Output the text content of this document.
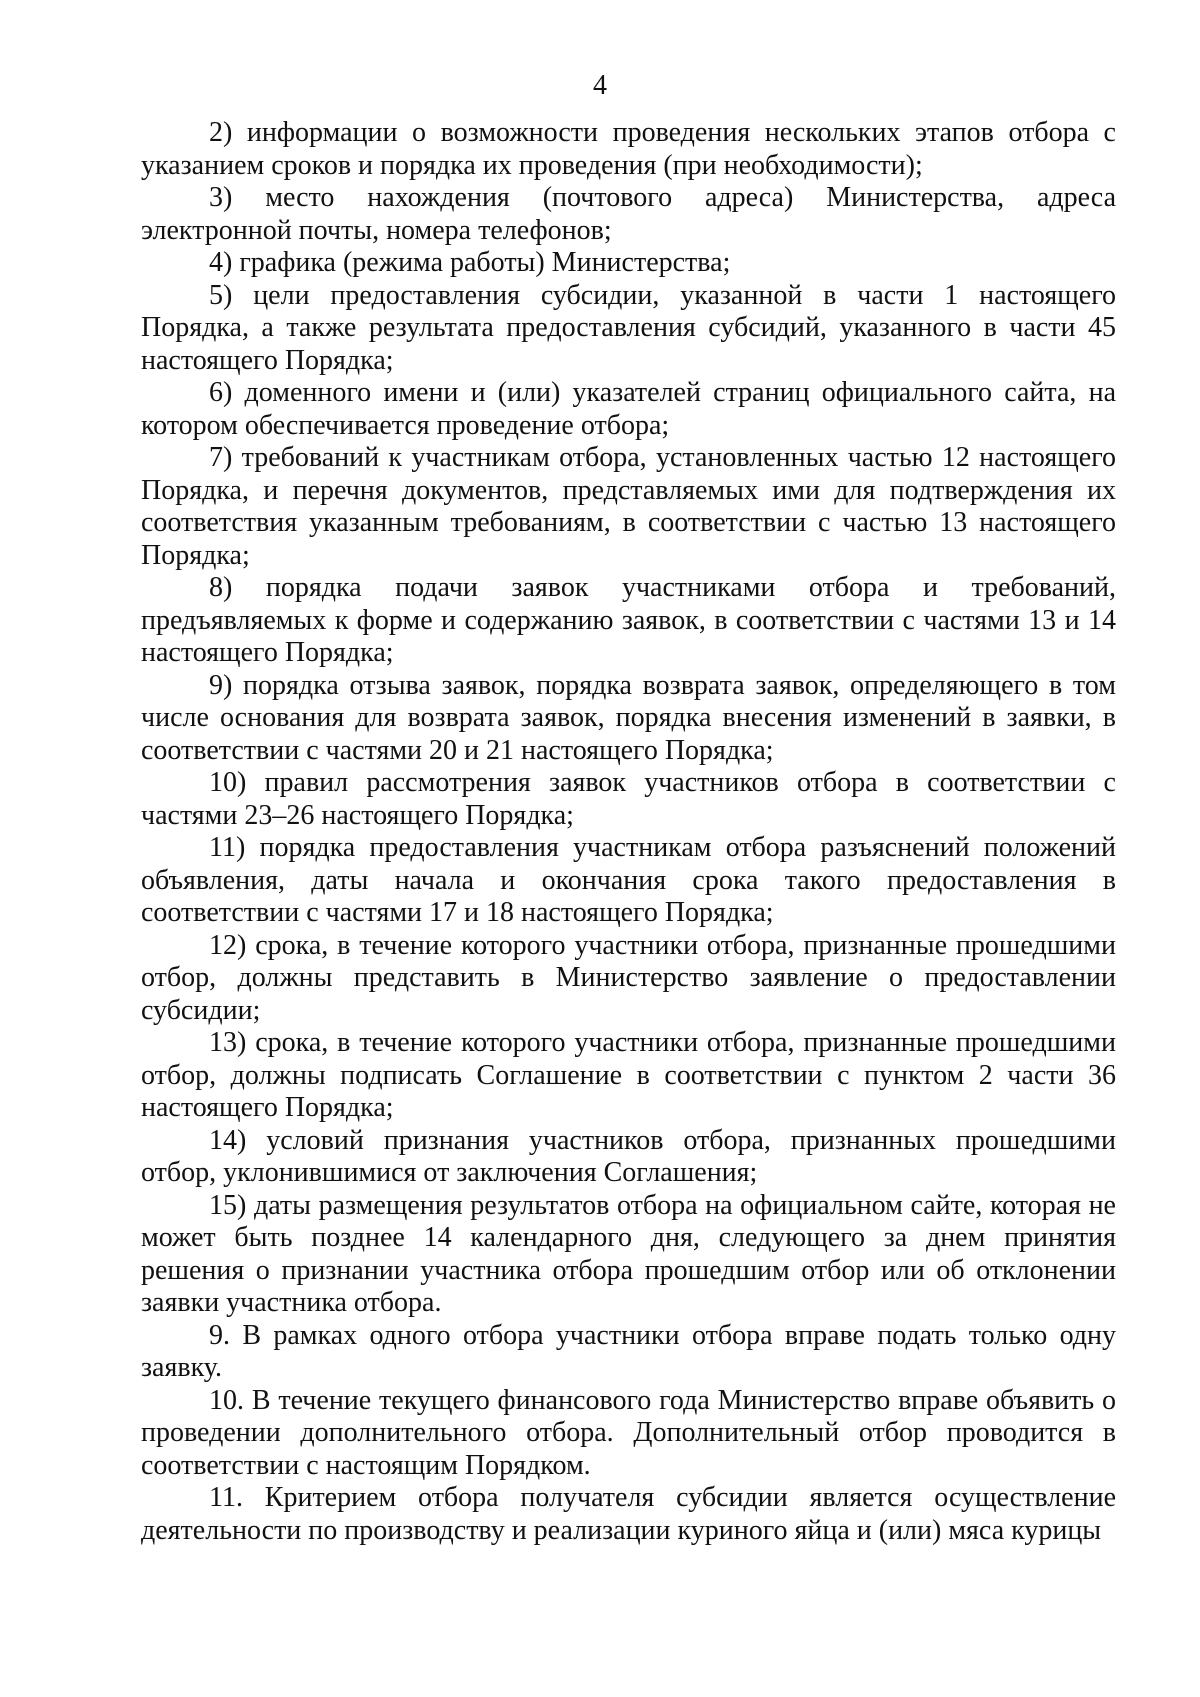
4

2) информации о возможности проведения нескольких этапов отбора с указанием сроков и порядка их проведения (при необходимости);

3) место нахождения (почтового адреса) Министерства, адреса электронной почты, номера телефонов;

4) графика (режима работы) Министерства;

5) цели предоставления субсидии, указанной в части 1 настоящего Порядка, а также результата предоставления субсидий, указанного в части 45 настоящего Порядка;

6) доменного имени и (или) указателей страниц официального сайта, на котором обеспечивается проведение отбора;

7) требований к участникам отбора, установленных частью 12 настоящего Порядка, и перечня документов, представляемых ими для подтверждения их соответствия указанным требованиям, в соответствии с частью 13 настоящего Порядка;

8) порядка подачи заявок участниками отбора и требований, предъявляемых к форме и содержанию заявок, в соответствии с частями 13 и 14 настоящего Порядка;

9) порядка отзыва заявок, порядка возврата заявок, определяющего в том числе основания для возврата заявок, порядка внесения изменений в заявки, в соответствии с частями 20 и 21 настоящего Порядка;

10) правил рассмотрения заявок участников отбора в соответствии с частями 23–26 настоящего Порядка;

11) порядка предоставления участникам отбора разъяснений положений объявления, даты начала и окончания срока такого предоставления в соответствии с частями 17 и 18 настоящего Порядка;

12) срока, в течение которого участники отбора, признанные прошедшими отбор, должны представить в Министерство заявление о предоставлении субсидии;

13) срока, в течение которого участники отбора, признанные прошедшими отбор, должны подписать Соглашение в соответствии с пунктом 2 части 36 настоящего Порядка;

14) условий признания участников отбора, признанных прошедшими отбор, уклонившимися от заключения Соглашения;

15) даты размещения результатов отбора на официальном сайте, которая не может быть позднее 14 календарного дня, следующего за днем принятия решения о признании участника отбора прошедшим отбор или об отклонении заявки участника отбора.

9. В рамках одного отбора участники отбора вправе подать только одну заявку.

10. В течение текущего финансового года Министерство вправе объявить о проведении дополнительного отбора. Дополнительный отбор проводится в соответствии с настоящим Порядком.

11. Критерием отбора получателя субсидии является осуществление деятельности по производству и реализации куриного яйца и (или) мяса курицы
